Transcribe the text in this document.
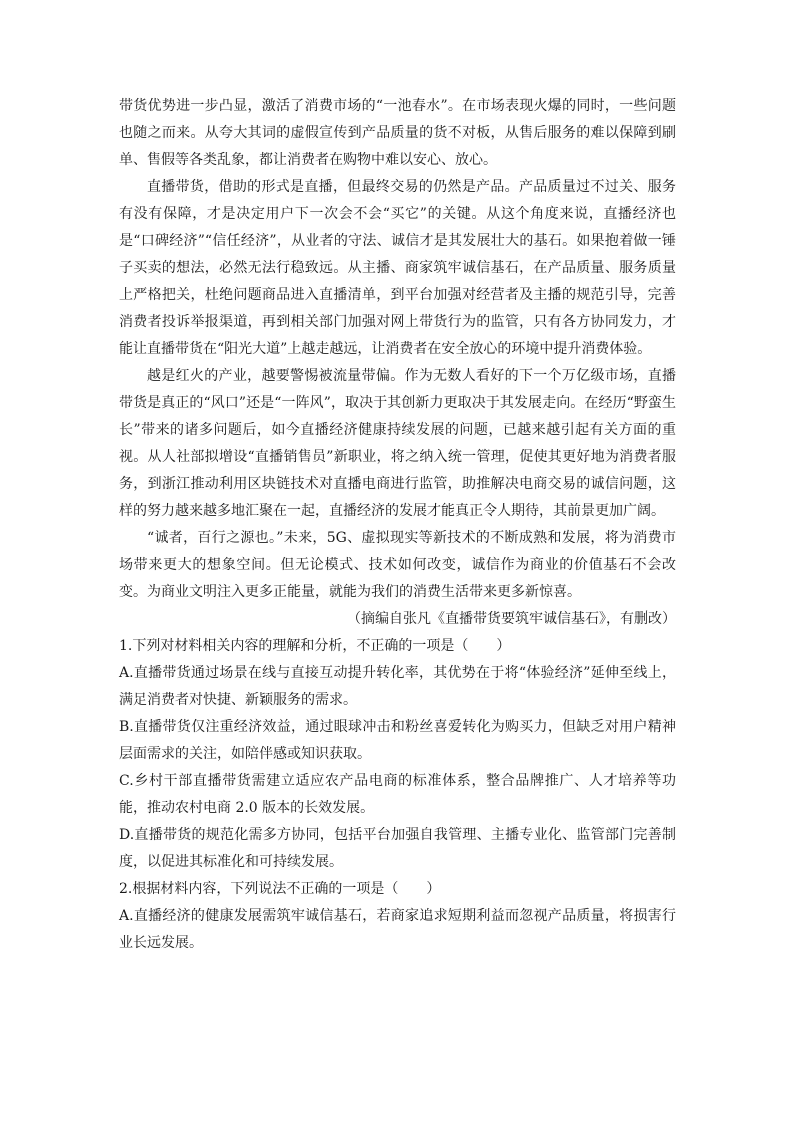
带货优势进一步凸显，激活了消费市场的“一池春水”。在市场表现火爆的同时，一些问题也随之而来。从夸大其词的虚假宣传到产品质量的货不对板，从售后服务的难以保障到刷单、售假等各类乱象，都让消费者在购物中难以安心、放心。

直播带货，借助的形式是直播，但最终交易的仍然是产品。产品质量过不过关、服务有没有保障，才是决定用户下一次会不会“买它”的关键。从这个角度来说，直播经济也是“口碑经济”“信任经济”，从业者的守法、诚信才是其发展壮大的基石。如果抱着做一锤子买卖的想法，必然无法行稳致远。从主播、商家筑牢诚信基石，在产品质量、服务质量上严格把关，杜绝问题商品进入直播清单，到平台加强对经营者及主播的规范引导，完善消费者投诉举报渠道，再到相关部门加强对网上带货行为的监管，只有各方协同发力，才能让直播带货在“阳光大道”上越走越远，让消费者在安全放心的环境中提升消费体验。

越是红火的产业，越要警惕被流量带偏。作为无数人看好的下一个万亿级市场，直播带货是真正的“风口”还是“一阵风”，取决于其创新力更取决于其发展走向。在经历“野蛮生长”带来的诸多问题后，如今直播经济健康持续发展的问题，已越来越引起有关方面的重视。从人社部拟增设“直播销售员”新职业，将之纳入统一管理，促使其更好地为消费者服务，到浙江推动利用区块链技术对直播电商进行监管，助推解决电商交易的诚信问题，这样的努力越来越多地汇聚在一起，直播经济的发展才能真正令人期待，其前景更加广阔。

“诚者，百行之源也。”未来，5G、虚拟现实等新技术的不断成熟和发展，将为消费市场带来更大的想象空间。但无论模式、技术如何改变，诚信作为商业的价值基石不会改变。为商业文明注入更多正能量，就能为我们的消费生活带来更多新惊喜。

（摘编自张凡《直播带货要筑牢诚信基石》，有删改）

1.下列对材料相关内容的理解和分析，不正确的一项是（　　）

A.直播带货通过场景在线与直接互动提升转化率，其优势在于将“体验经济”延伸至线上，满足消费者对快捷、新颖服务的需求。

B.直播带货仅注重经济效益，通过眼球冲击和粉丝喜爱转化为购买力，但缺乏对用户精神层面需求的关注，如陪伴感或知识获取。

C.乡村干部直播带货需建立适应农产品电商的标准体系，整合品牌推广、人才培养等功能，推动农村电商 2.0 版本的长效发展。

D.直播带货的规范化需多方协同，包括平台加强自我管理、主播专业化、监管部门完善制度，以促进其标准化和可持续发展。

2.根据材料内容，下列说法不正确的一项是（　　）

A.直播经济的健康发展需筑牢诚信基石，若商家追求短期利益而忽视产品质量，将损害行业长远发展。
